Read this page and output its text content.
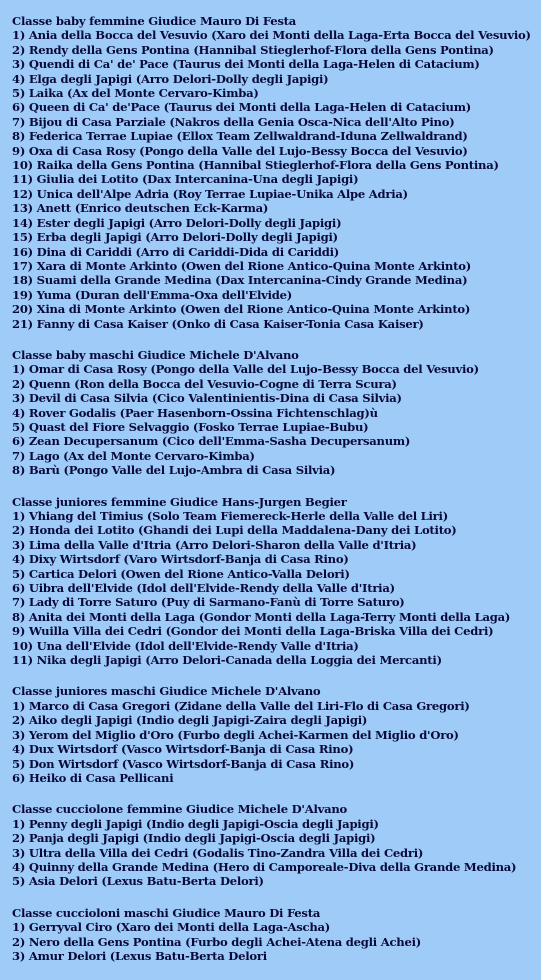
Classe baby femmine Giudice Mauro Di Festa
1) Ania della Bocca del Vesuvio (Xaro dei Monti della Laga-Erta Bocca del Vesuvio)
2) Rendy della Gens Pontina (Hannibal Stieglerhof-Flora della Gens Pontina)
3) Quendi di Ca' de' Pace (Taurus dei Monti della Laga-Helen di Catacium)
4) Elga degli Japigi (Arro Delori-Dolly degli Japigi)
5) Laika (Ax del Monte Cervaro-Kimba)
6) Queen di Ca' de'Pace (Taurus dei Monti della Laga-Helen di Catacium)
7) Bijou di Casa Parziale (Nakros della Genia Osca-Nica dell'Alto Pino)
8) Federica Terrae Lupiae (Ellox Team Zellwaldrand-Iduna Zellwaldrand)
9) Oxa di Casa Rosy (Pongo della Valle del Lujo-Bessy Bocca del Vesuvio)
10) Raika della Gens Pontina (Hannibal Stieglerhof-Flora della Gens Pontina)
11) Giulia dei Lotito (Dax Intercanina-Una degli Japigi)
12) Unica dell'Alpe Adria (Roy Terrae Lupiae-Unika Alpe Adria)
13) Anett (Enrico deutschen Eck-Karma)
14) Ester degli Japigi (Arro Delori-Dolly degli Japigi)
15) Erba degli Japigi (Arro Delori-Dolly degli Japigi)
16) Dina di Cariddi (Arro di Cariddi-Dida di Cariddi)
17) Xara di Monte Arkinto (Owen del Rione Antico-Quina Monte Arkinto)
18) Suami della Grande Medina (Dax Intercanina-Cindy Grande Medina)
19) Yuma (Duran dell'Emma-Oxa dell'Elvide)
20) Xina di Monte Arkinto (Owen del Rione Antico-Quina Monte Arkinto)
21) Fanny di Casa Kaiser (Onko di Casa Kaiser-Tonia Casa Kaiser)
Classe baby maschi Giudice Michele D'Alvano
1) Omar di Casa Rosy (Pongo della Valle del Lujo-Bessy Bocca del Vesuvio)
2) Quenn (Ron della Bocca del Vesuvio-Cogne di Terra Scura)
3) Devil di Casa Silvia (Cico Valentinientis-Dina di Casa Silvia)
4) Rover Godalis (Paer Hasenborn-Ossina Fichtenschlag)ù
5) Quast del Fiore Selvaggio (Fosko Terrae Lupiae-Bubu)
6) Zean Decupersanum (Cico dell'Emma-Sasha Decupersanum)
7) Lago (Ax del Monte Cervaro-Kimba)
8) Barù (Pongo Valle del Lujo-Ambra di Casa Silvia)
Classe juniores femmine Giudice Hans-Jurgen Begier
1) Vhiang del Timius (Solo Team Fiemereck-Herle della Valle del Liri)
2) Honda dei Lotito (Ghandi dei Lupi della Maddalena-Dany dei Lotito)
3) Lima della Valle d'Itria (Arro Delori-Sharon della Valle d'Itria)
4) Dixy Wirtsdorf (Varo Wirtsdorf-Banja di Casa Rino)
5) Cartica Delori (Owen del Rione Antico-Valla Delori)
6) Uibra dell'Elvide (Idol dell'Elvide-Rendy della Valle d'Itria)
7) Lady di Torre Saturo (Puy di Sarmano-Fanù di Torre Saturo)
8) Anita dei Monti della Laga (Gondor Monti della Laga-Terry Monti della Laga)
9) Wuilla Villa dei Cedri (Gondor dei Monti della Laga-Briska Villa dei Cedri)
10) Una dell'Elvide (Idol dell'Elvide-Rendy Valle d'Itria)
11) Nika degli Japigi (Arro Delori-Canada della Loggia dei Mercanti)
Classe juniores maschi Giudice Michele D'Alvano
1) Marco di Casa Gregori (Zidane della Valle del Liri-Flo di Casa Gregori)
2) Aiko degli Japigi (Indio degli Japigi-Zaira degli Japigi)
3) Yerom del Miglio d'Oro (Furbo degli Achei-Karmen del Miglio d'Oro)
4) Dux Wirtsdorf (Vasco Wirtsdorf-Banja di Casa Rino)
5) Don Wirtsdorf (Vasco Wirtsdorf-Banja di Casa Rino)
6) Heiko di Casa Pellicani
Classe cucciolone femmine Giudice Michele D'Alvano
1) Penny degli Japigi (Indio degli Japigi-Oscia degli Japigi)
2) Panja degli Japigi (Indio degli Japigi-Oscia degli Japigi)
3) Ultra della Villa dei Cedri (Godalis Tino-Zandra Villa dei Cedri)
4) Quinny della Grande Medina (Hero di Camporeale-Diva della Grande Medina)
5) Asia Delori (Lexus Batu-Berta Delori)
Classe cuccioloni maschi Giudice Mauro Di Festa
1) Gerryval Ciro (Xaro dei Monti della Laga-Ascha)
2) Nero della Gens Pontina (Furbo degli Achei-Atena degli Achei)
3) Amur Delori (Lexus Batu-Berta Delori
